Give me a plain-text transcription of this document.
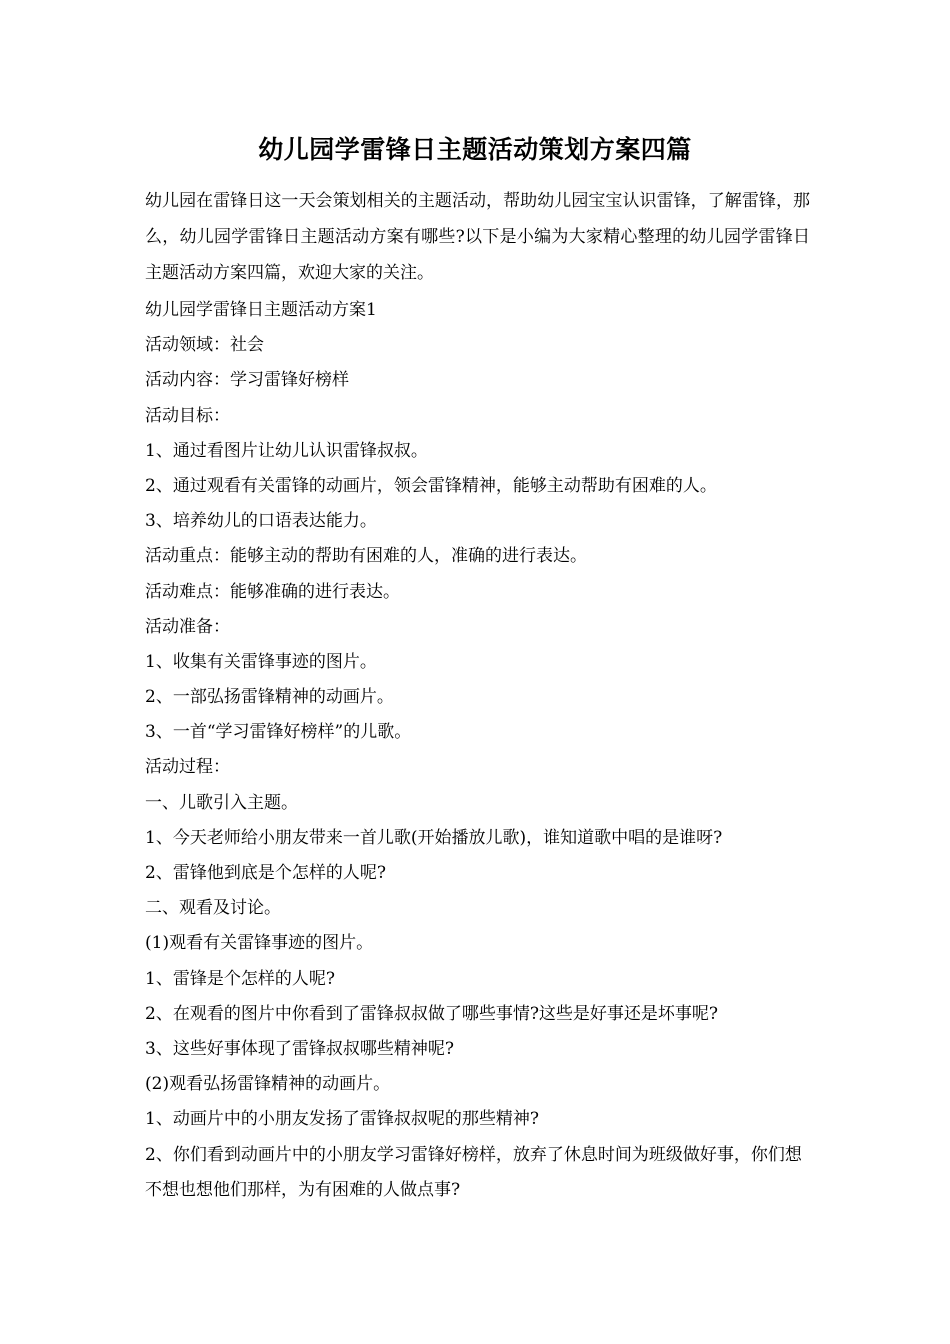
幼儿园学雷锋日主题活动策划方案四篇
幼儿园在雷锋日这一天会策划相关的主题活动，帮助幼儿园宝宝认识雷锋，了解雷锋，那么，幼儿园学雷锋日主题活动方案有哪些?以下是小编为大家精心整理的幼儿园学雷锋日主题活动方案四篇，欢迎大家的关注。
幼儿园学雷锋日主题活动方案1
活动领域：社会
活动内容：学习雷锋好榜样
活动目标：
1、通过看图片让幼儿认识雷锋叔叔。
2、通过观看有关雷锋的动画片，领会雷锋精神，能够主动帮助有困难的人。
3、培养幼儿的口语表达能力。
活动重点：能够主动的帮助有困难的人，准确的进行表达。
活动难点：能够准确的进行表达。
活动准备：
1、收集有关雷锋事迹的图片。
2、一部弘扬雷锋精神的动画片。
3、一首“学习雷锋好榜样”的儿歌。
活动过程：
一、儿歌引入主题。
1、今天老师给小朋友带来一首儿歌(开始播放儿歌)，谁知道歌中唱的是谁呀?
2、雷锋他到底是个怎样的人呢?
二、观看及讨论。
(1)观看有关雷锋事迹的图片。
1、雷锋是个怎样的人呢?
2、在观看的图片中你看到了雷锋叔叔做了哪些事情?这些是好事还是坏事呢?
3、这些好事体现了雷锋叔叔哪些精神呢?
(2)观看弘扬雷锋精神的动画片。
1、动画片中的小朋友发扬了雷锋叔叔呢的那些精神?
2、你们看到动画片中的小朋友学习雷锋好榜样，放弃了休息时间为班级做好事，你们想不想也想他们那样，为有困难的人做点事?
